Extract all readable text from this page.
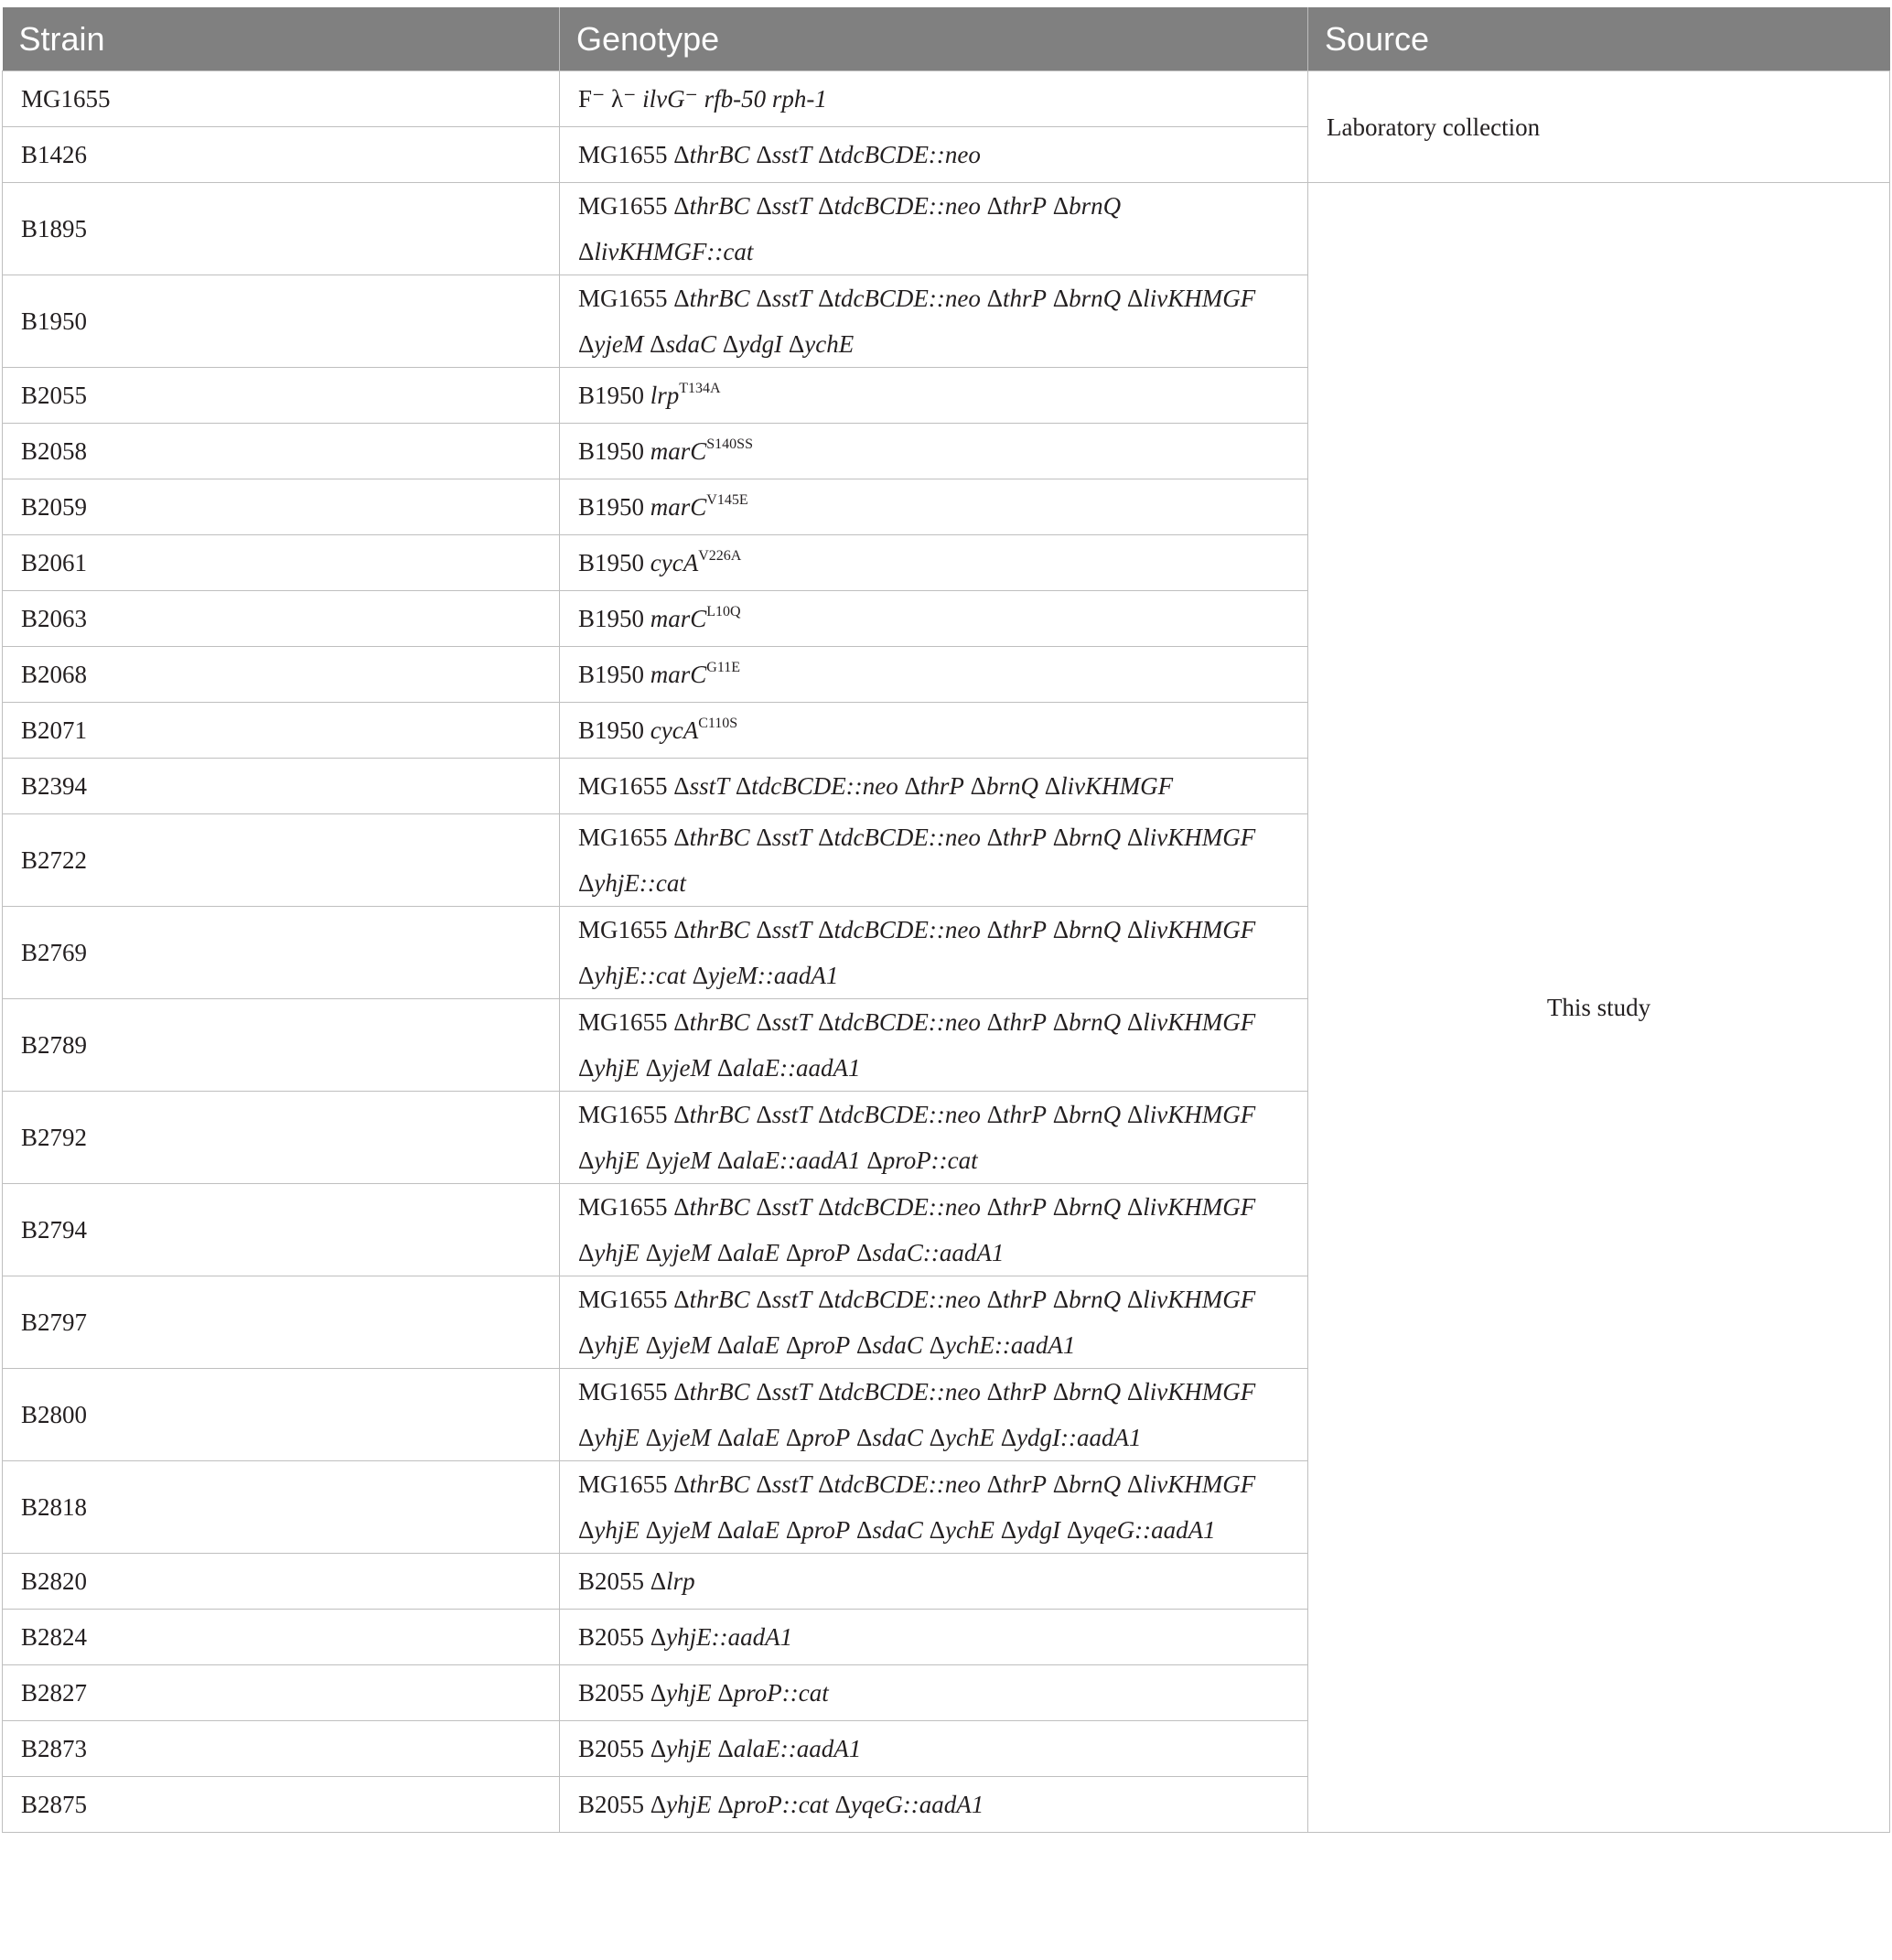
Strain	Genotype	Source
MG1655	F⁻ λ⁻ ilvG⁻ rfb-50 rph-1	Laboratory collection
B1426	MG1655 ΔthrBC ΔsstT ΔtdcBCDE::neo	
B1895	MG1655 ΔthrBC ΔsstT ΔtdcBCDE::neo ΔthrP ΔbrnQ
ΔlivKHMGF::cat	This study
B1950	MG1655 ΔthrBC ΔsstT ΔtdcBCDE::neo ΔthrP ΔbrnQ ΔlivKHMGF
ΔyjeM ΔsdaC ΔydgI ΔychE	
B2055	B1950 lrp$^{T134A}$
B2058	B1950 marC$^{S140SS}$
B2059	B1950 marC$^{V145E}$
B2061	B1950 cycA$^{V226A}$
B2063	B1950 marC$^{L10Q}$
B2068	B1950 marC$^{G11E}$
B2071	B1950 cycA$^{C110S}$
B2394	MG1655 ΔsstT ΔtdcBCDE::neo ΔthrP ΔbrnQ ΔlivKHMGF	
B2722	MG1655 ΔthrBC ΔsstT ΔtdcBCDE::neo ΔthrP ΔbrnQ ΔlivKHMGF
ΔyhjE::cat	
B2769	MG1655 ΔthrBC ΔsstT ΔtdcBCDE::neo ΔthrP ΔbrnQ ΔlivKHMGF
ΔyhjE::cat ΔyjeM::aadA1	
B2789	MG1655 ΔthrBC ΔsstT ΔtdcBCDE::neo ΔthrP ΔbrnQ ΔlivKHMGF
ΔyhjE ΔyjeM ΔalaE::aadA1	
B2792	MG1655 ΔthrBC ΔsstT ΔtdcBCDE::neo ΔthrP ΔbrnQ ΔlivKHMGF
ΔyhjE ΔyjeM ΔalaE::aadA1 ΔproP::cat	
B2794	MG1655 ΔthrBC ΔsstT ΔtdcBCDE::neo ΔthrP ΔbrnQ ΔlivKHMGF
ΔyhjE ΔyjeM ΔalaE ΔproP ΔsdaC::aadA1	
B2797	MG1655 ΔthrBC ΔsstT ΔtdcBCDE::neo ΔthrP ΔbrnQ ΔlivKHMGF
ΔyhjE ΔyjeM ΔalaE ΔproP ΔsdaC ΔychE::aadA1	
B2800	MG1655 ΔthrBC ΔsstT ΔtdcBCDE::neo ΔthrP ΔbrnQ ΔlivKHMGF
ΔyhjE ΔyjeM ΔalaE ΔproP ΔsdaC ΔychE ΔydgI::aadA1	
B2818	MG1655 ΔthrBC ΔsstT ΔtdcBCDE::neo ΔthrP ΔbrnQ ΔlivKHMGF
ΔyhjE ΔyjeM ΔalaE ΔproP ΔsdaC ΔychE ΔydgI ΔyqeG::aadA1	
B2820	B2055 Δlrp	
B2824	B2055 ΔyhjE::aadA1	
B2827	B2055 ΔyhjE ΔproP::cat	
B2873	B2055 ΔyhjE ΔalaE::aadA1	
B2875	B2055 ΔyhjE ΔproP::cat ΔyqeG::aadA1	
